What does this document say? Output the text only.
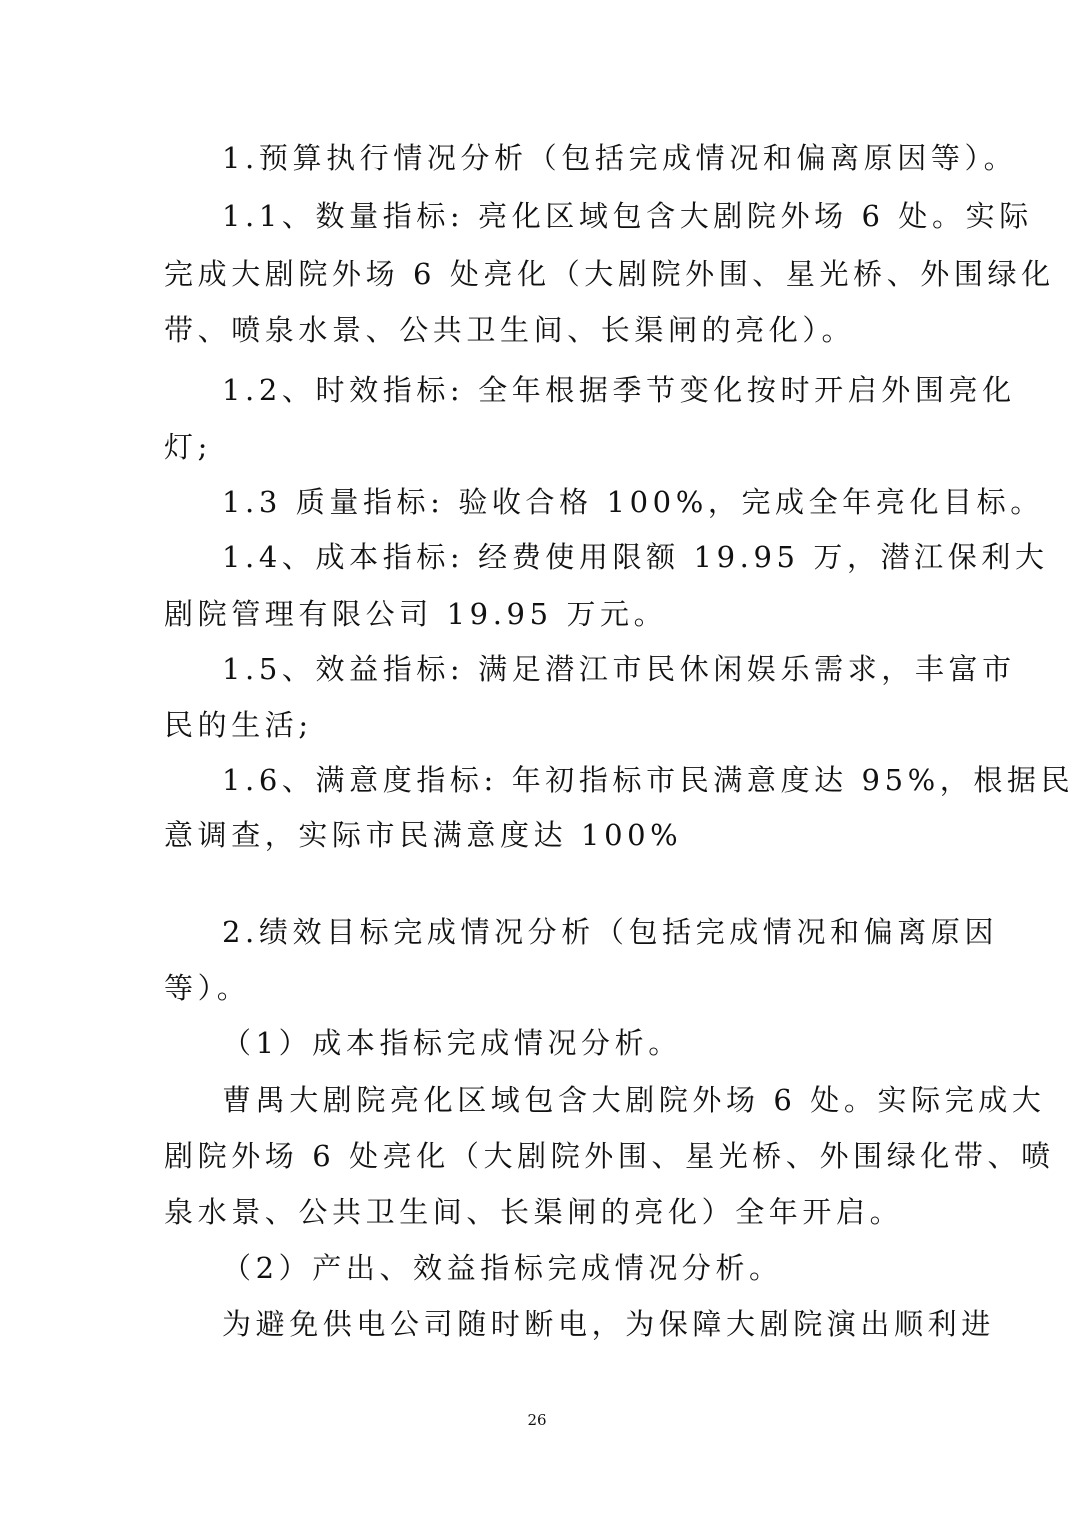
1.预算执行情况分析（包括完成情况和偏离原因等）。
1.1、数量指标: 亮化区域包含大剧院外场 6 处。实际
完成大剧院外场 6 处亮化（大剧院外围、星光桥、外围绿化
带、喷泉水景、公共卫生间、长渠闸的亮化）。
1.2、时效指标: 全年根据季节变化按时开启外围亮化
灯;
1.3 质量指标: 验收合格 100%，完成全年亮化目标。
1.4、成本指标: 经费使用限额 19.95 万，潜江保利大
剧院管理有限公司 19.95 万元。
1.5、效益指标: 满足潜江市民休闲娱乐需求，丰富市
民的生活;
1.6、满意度指标: 年初指标市民满意度达 95%，根据民
意调查，实际市民满意度达 100%
2.绩效目标完成情况分析（包括完成情况和偏离原因
等）。
（1）成本指标完成情况分析。
曹禺大剧院亮化区域包含大剧院外场 6 处。实际完成大
剧院外场 6 处亮化（大剧院外围、星光桥、外围绿化带、喷
泉水景、公共卫生间、长渠闸的亮化）全年开启。
（2）产出、效益指标完成情况分析。
为避免供电公司随时断电，为保障大剧院演出顺利进
26
